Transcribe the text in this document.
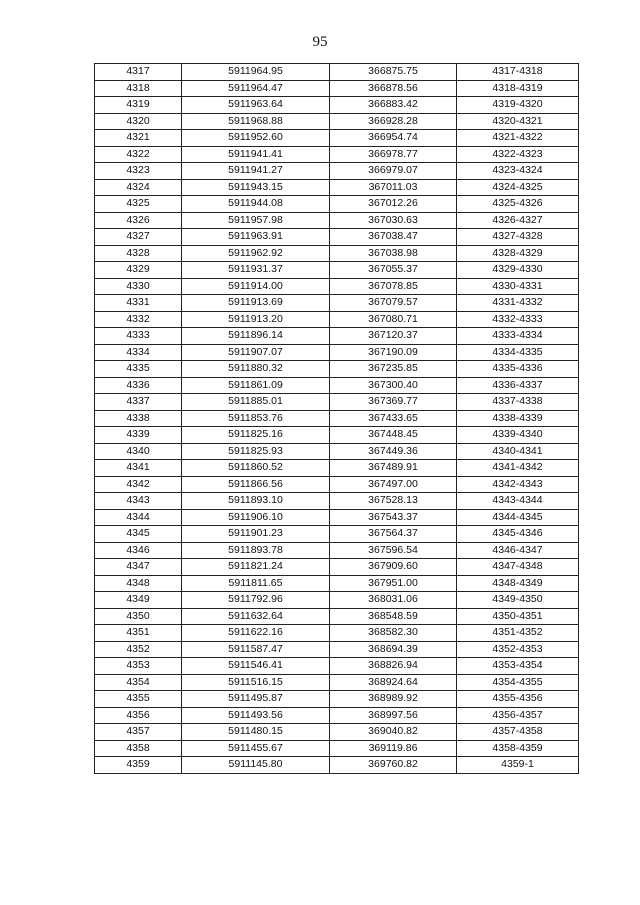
95
4317	5911964.95	366875.75	4317-4318
4318	5911964.47	366878.56	4318-4319
4319	5911963.64	366883.42	4319-4320
4320	5911968.88	366928.28	4320-4321
4321	5911952.60	366954.74	4321-4322
4322	5911941.41	366978.77	4322-4323
4323	5911941.27	366979.07	4323-4324
4324	5911943.15	367011.03	4324-4325
4325	5911944.08	367012.26	4325-4326
4326	5911957.98	367030.63	4326-4327
4327	5911963.91	367038.47	4327-4328
4328	5911962.92	367038.98	4328-4329
4329	5911931.37	367055.37	4329-4330
4330	5911914.00	367078.85	4330-4331
4331	5911913.69	367079.57	4331-4332
4332	5911913.20	367080.71	4332-4333
4333	5911896.14	367120.37	4333-4334
4334	5911907.07	367190.09	4334-4335
4335	5911880.32	367235.85	4335-4336
4336	5911861.09	367300.40	4336-4337
4337	5911885.01	367369.77	4337-4338
4338	5911853.76	367433.65	4338-4339
4339	5911825.16	367448.45	4339-4340
4340	5911825.93	367449.36	4340-4341
4341	5911860.52	367489.91	4341-4342
4342	5911866.56	367497.00	4342-4343
4343	5911893.10	367528.13	4343-4344
4344	5911906.10	367543.37	4344-4345
4345	5911901.23	367564.37	4345-4346
4346	5911893.78	367596.54	4346-4347
4347	5911821.24	367909.60	4347-4348
4348	5911811.65	367951.00	4348-4349
4349	5911792.96	368031.06	4349-4350
4350	5911632.64	368548.59	4350-4351
4351	5911622.16	368582.30	4351-4352
4352	5911587.47	368694.39	4352-4353
4353	5911546.41	368826.94	4353-4354
4354	5911516.15	368924.64	4354-4355
4355	5911495.87	368989.92	4355-4356
4356	5911493.56	368997.56	4356-4357
4357	5911480.15	369040.82	4357-4358
4358	5911455.67	369119.86	4358-4359
4359	5911145.80	369760.82	4359-1
